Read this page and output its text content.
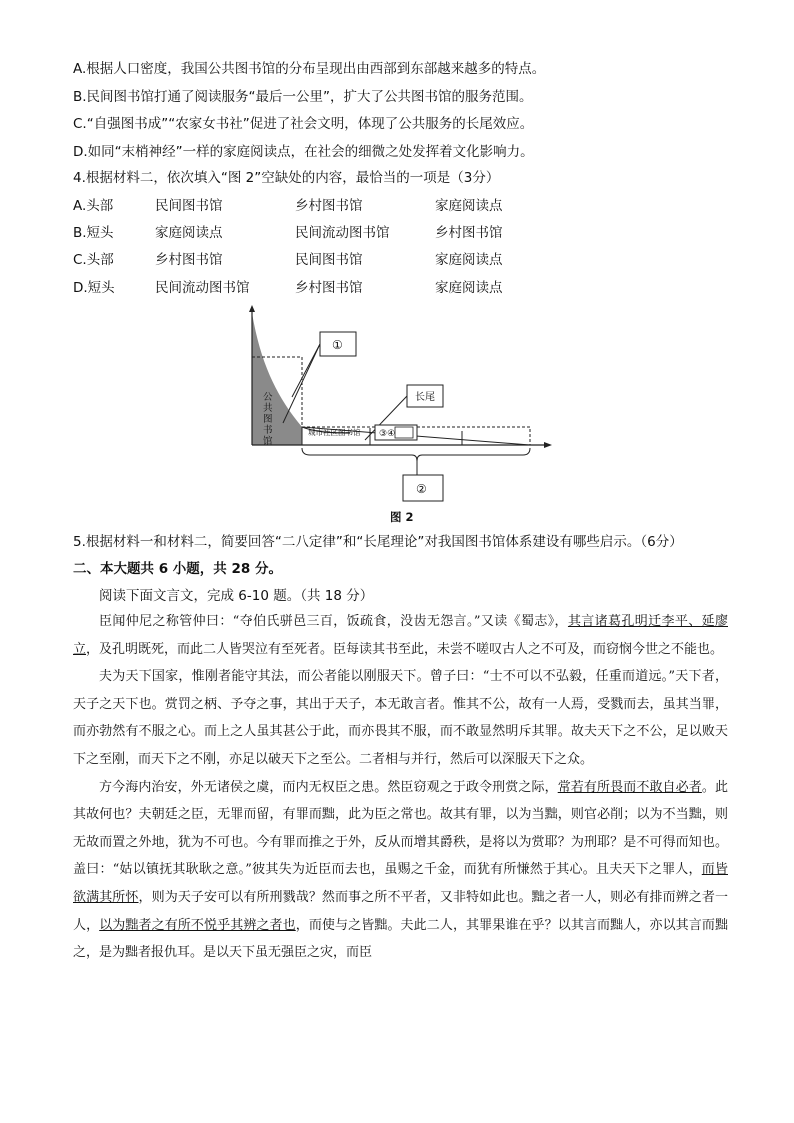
A.根据人口密度，我国公共图书馆的分布呈现出由西部到东部越来越多的特点。
B.民间图书馆打通了阅读服务“最后一公里”，扩大了公共图书馆的服务范围。
C.“自强图书成”“农家女书社”促进了社会文明，体现了公共服务的长尾效应。
D.如同“末梢神经”一样的家庭阅读点，在社会的细微之处发挥着文化影响力。
4.根据材料二，依次填入“图 2”空缺处的内容，最恰当的一项是（3分）
A.头部	民间图书馆	乡村图书馆	家庭阅读点
B.短头	家庭阅读点	民间流动图书馆	乡村图书馆
C.头部	乡村图书馆	民间图书馆	家庭阅读点
D.短头	民间流动图书馆	乡村图书馆	家庭阅读点
公
共
图
书
馆
①
长尾
城市社区图书馆 ③④
②
图 2
5.根据材料一和材料二，简要回答“二八定律”和“长尾理论”对我国图书馆体系建设有哪些启示。（6分）
二、本大题共 6 小题，共 28 分。
阅读下面文言文，完成 6-10 题。（共 18 分）

臣闻仲尼之称管仲曰：“夺伯氏骈邑三百，饭疏食，没齿无怨言。”又读《蜀志》，其言诸葛孔明迁李平、延廖立，及孔明既死，而此二人皆哭泣有至死者。臣每读其书至此，未尝不嗟叹古人之不可及，而窃悯今世之不能也。

夫为天下国家，惟刚者能守其法，而公者能以刚服天下。曾子曰：“士不可以不弘毅，任重而道远。”天下者，天子之天下也。赏罚之柄、予夺之事，其出于天子，本无敢言者。惟其不公，故有一人焉，受戮而去，虽其当罪，而亦勃然有不服之心。而上之人虽其甚公于此，而亦畏其不服，而不敢显然明斥其罪。故夫天下之不公，足以败天下之至刚，而天下之不刚，亦足以破天下之至公。二者相与并行，然后可以深服天下之众。

方今海内治安，外无诸侯之虞，而内无权臣之患。然臣窃观之于政令刑赏之际，常若有所畏而不敢自必者。此其故何也？夫朝廷之臣，无罪而留，有罪而黜，此为臣之常也。故其有罪，以为当黜，则官必削；以为不当黜，则无故而置之外地，犹为不可也。今有罪而推之于外，反从而增其爵秩，是将以为赏耶？为刑耶？是不可得而知也。盖曰：“姑以镇抚其耿耿之意。”彼其失为近臣而去也，虽赐之千金，而犹有所慊然于其心。且夫天下之罪人，而皆欲满其所怀，则为天子安可以有所刑戮哉？然而事之所不平者，又非特如此也。黜之者一人，则必有排而辨之者一人，以为黜者之有所不悦乎其辨之者也，而使与之皆黜。夫此二人，其罪果谁在乎？以其言而黜人，亦以其言而黜之，是为黜者报仇耳。是以天下虽无强臣之灾，而臣
